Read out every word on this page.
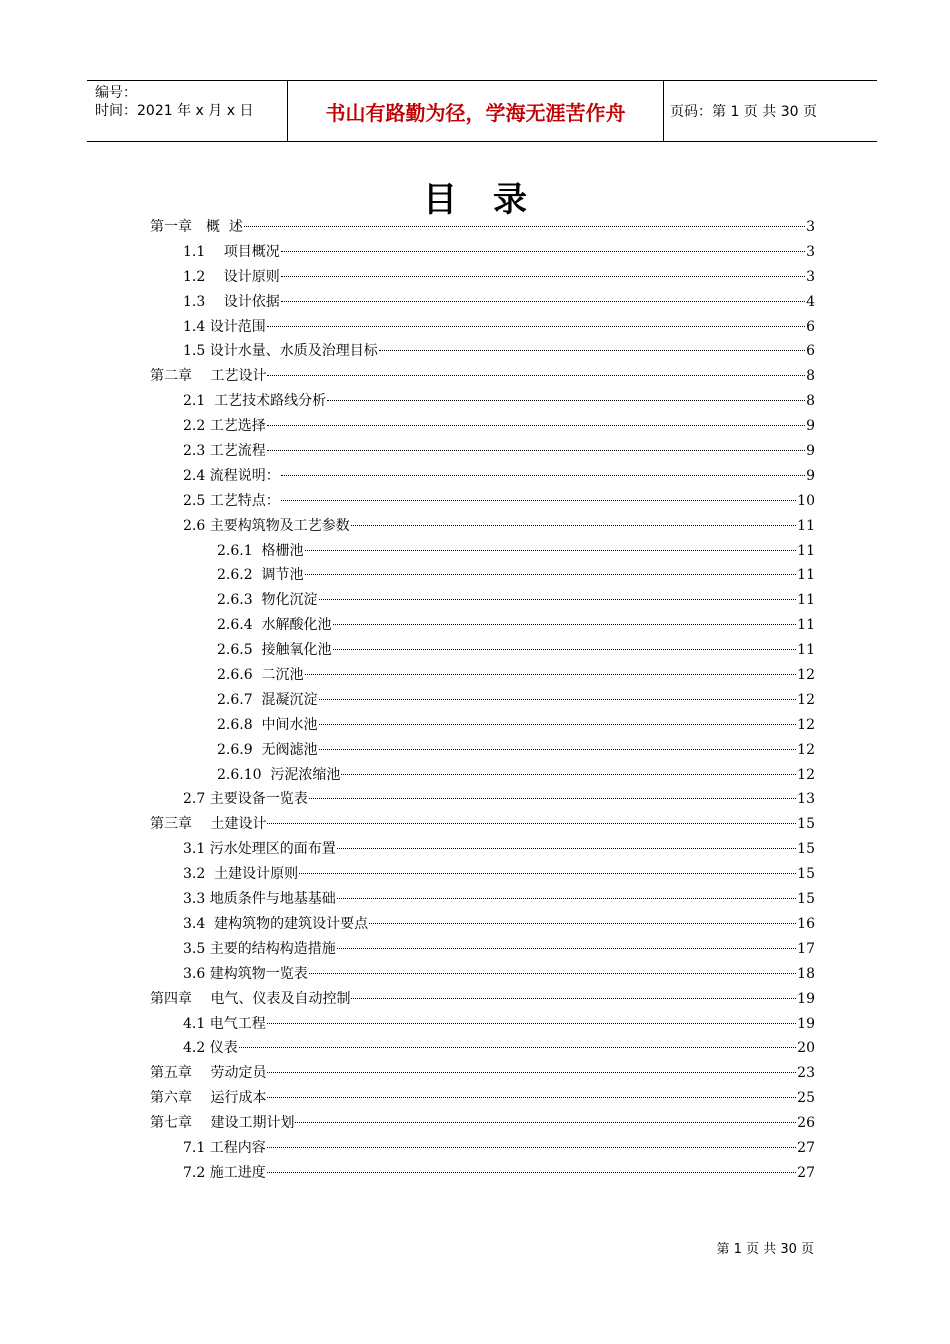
编号：
时间：2021 年 x 月 x 日	书山有路勤为径，学海无涯苦作舟	页码：第 1 页 共 30 页
目录
第一章　概  述	3
1.1　 项目概况	3
1.2　 设计原则	3
1.3　 设计依据	4
1.4 设计范围	6
1.5 设计水量、水质及治理目标	6
第二章　 工艺设计	8
2.1  工艺技术路线分析	8
2.2 工艺选择	9
2.3 工艺流程	9
2.4 流程说明：	9
2.5 工艺特点：	10
2.6 主要构筑物及工艺参数	11
2.6.1  格栅池	11
2.6.2  调节池	11
2.6.3  物化沉淀	11
2.6.4  水解酸化池	11
2.6.5  接触氧化池	11
2.6.6  二沉池	12
2.6.7  混凝沉淀	12
2.6.8  中间水池	12
2.6.9  无阀滤池	12
2.6.10  污泥浓缩池	12
2.7 主要设备一览表	13
第三章　 土建设计	15
3.1 污水处理区的面布置	15
3.2  土建设计原则	15
3.3 地质条件与地基基础	15
3.4  建构筑物的建筑设计要点	16
3.5 主要的结构构造措施	17
3.6 建构筑物一览表	18
第四章　 电气、仪表及自动控制	19
4.1 电气工程	19
4.2 仪表	20
第五章　 劳动定员	23
第六章　 运行成本	25
第七章　 建设工期计划	26
7.1 工程内容	27
7.2 施工进度	27
第 1 页 共 30 页
